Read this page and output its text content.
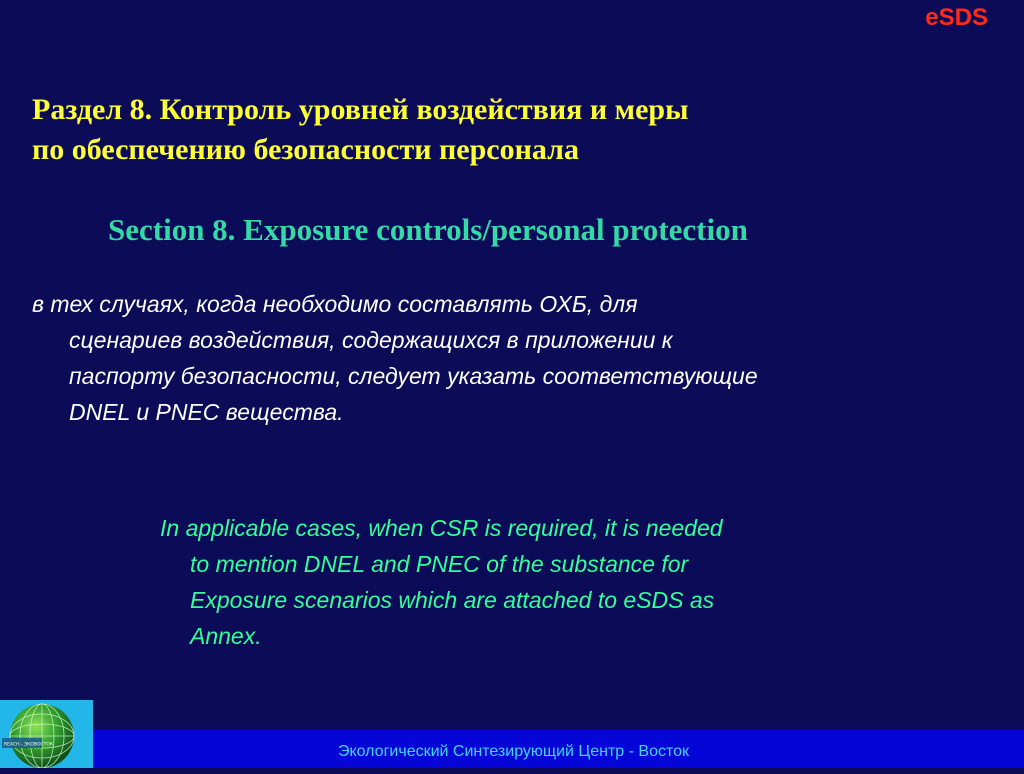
eSDS
Раздел 8. Контроль уровней воздействия и меры
по обеспечению безопасности персонала
Section 8. Exposure controls/personal protection
в тех случаях, когда необходимо составлять ОХБ, для
сценариев воздействия, содержащихся в приложении к
паспорту безопасности, следует указать соответствующие
DNEL и PNEC вещества.
In applicable cases, when CSR is required, it is needed
to mention DNEL and PNEC of the substance for
Exposure scenarios which are attached to eSDS as
Annex.
REACH - ЭКОВОСТОК	Экологический Синтезирующий Центр - Восток
